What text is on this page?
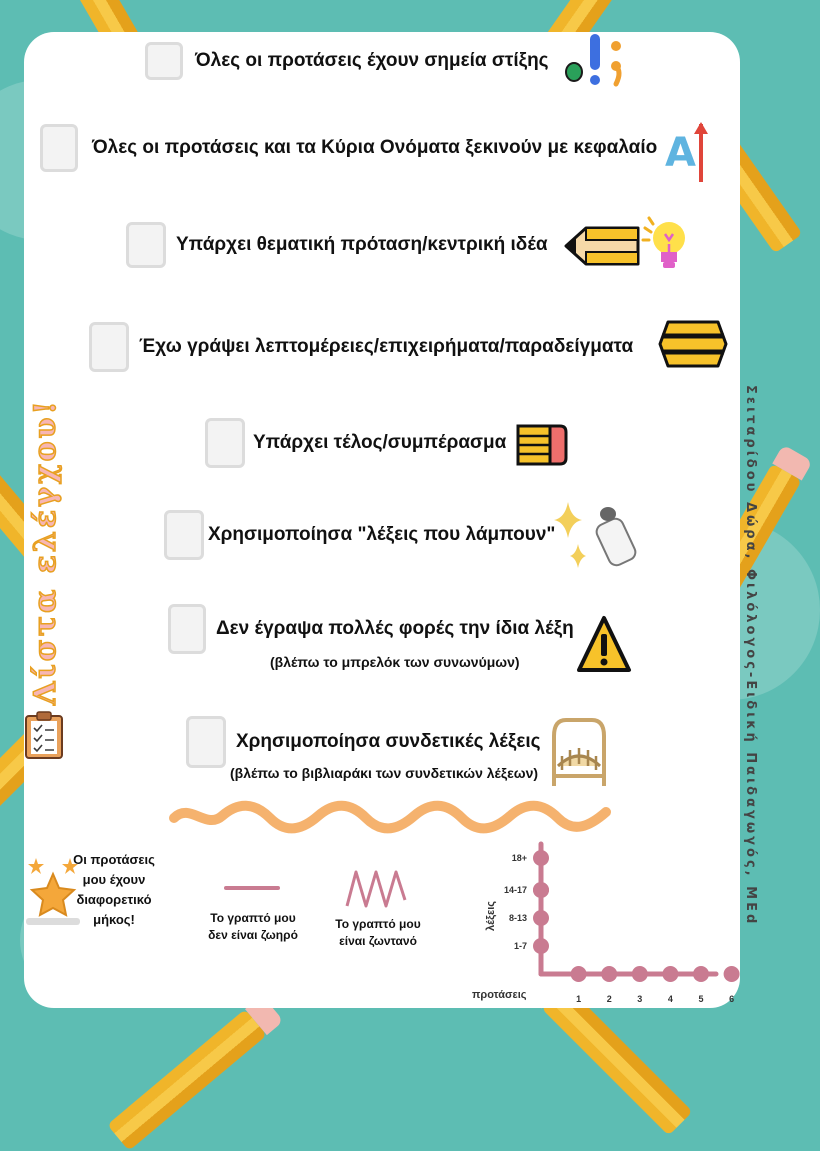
Λίστα ελέγχου!	Σειταρίδου Δώρα, Φιλόλογος-Ειδική Παιδαγωγός, MEd
Όλες οι προτάσεις έχουν σημεία στίξης
Όλες οι προτάσεις και τα Κύρια Ονόματα ξεκινούν με κεφαλαίο A
Υπάρχει θεματική πρόταση/κεντρική ιδέα
Έχω γράψει λεπτομέρειες/επιχειρήματα/παραδείγματα
Υπάρχει τέλος/συμπέρασμα
Χρησιμοποίησα "λέξεις που λάμπουν"
Δεν έγραψα πολλές φορές την ίδια λέξη
(βλέπω το μπρελόκ των συνωνύμων)
Χρησιμοποίησα συνδετικές λέξεις
(βλέπω το βιβλιαράκι των συνδετικών λέξεων)
Οι προτάσεις μου έχουν διαφορετικό μήκος!	Το γραπτό μου δεν είναι ζωηρό
Το γραπτό μου είναι ζωντανό	1-7
8-13
14-17
18+
1	2	3	4	5	6
λέξεις
προτάσεις
